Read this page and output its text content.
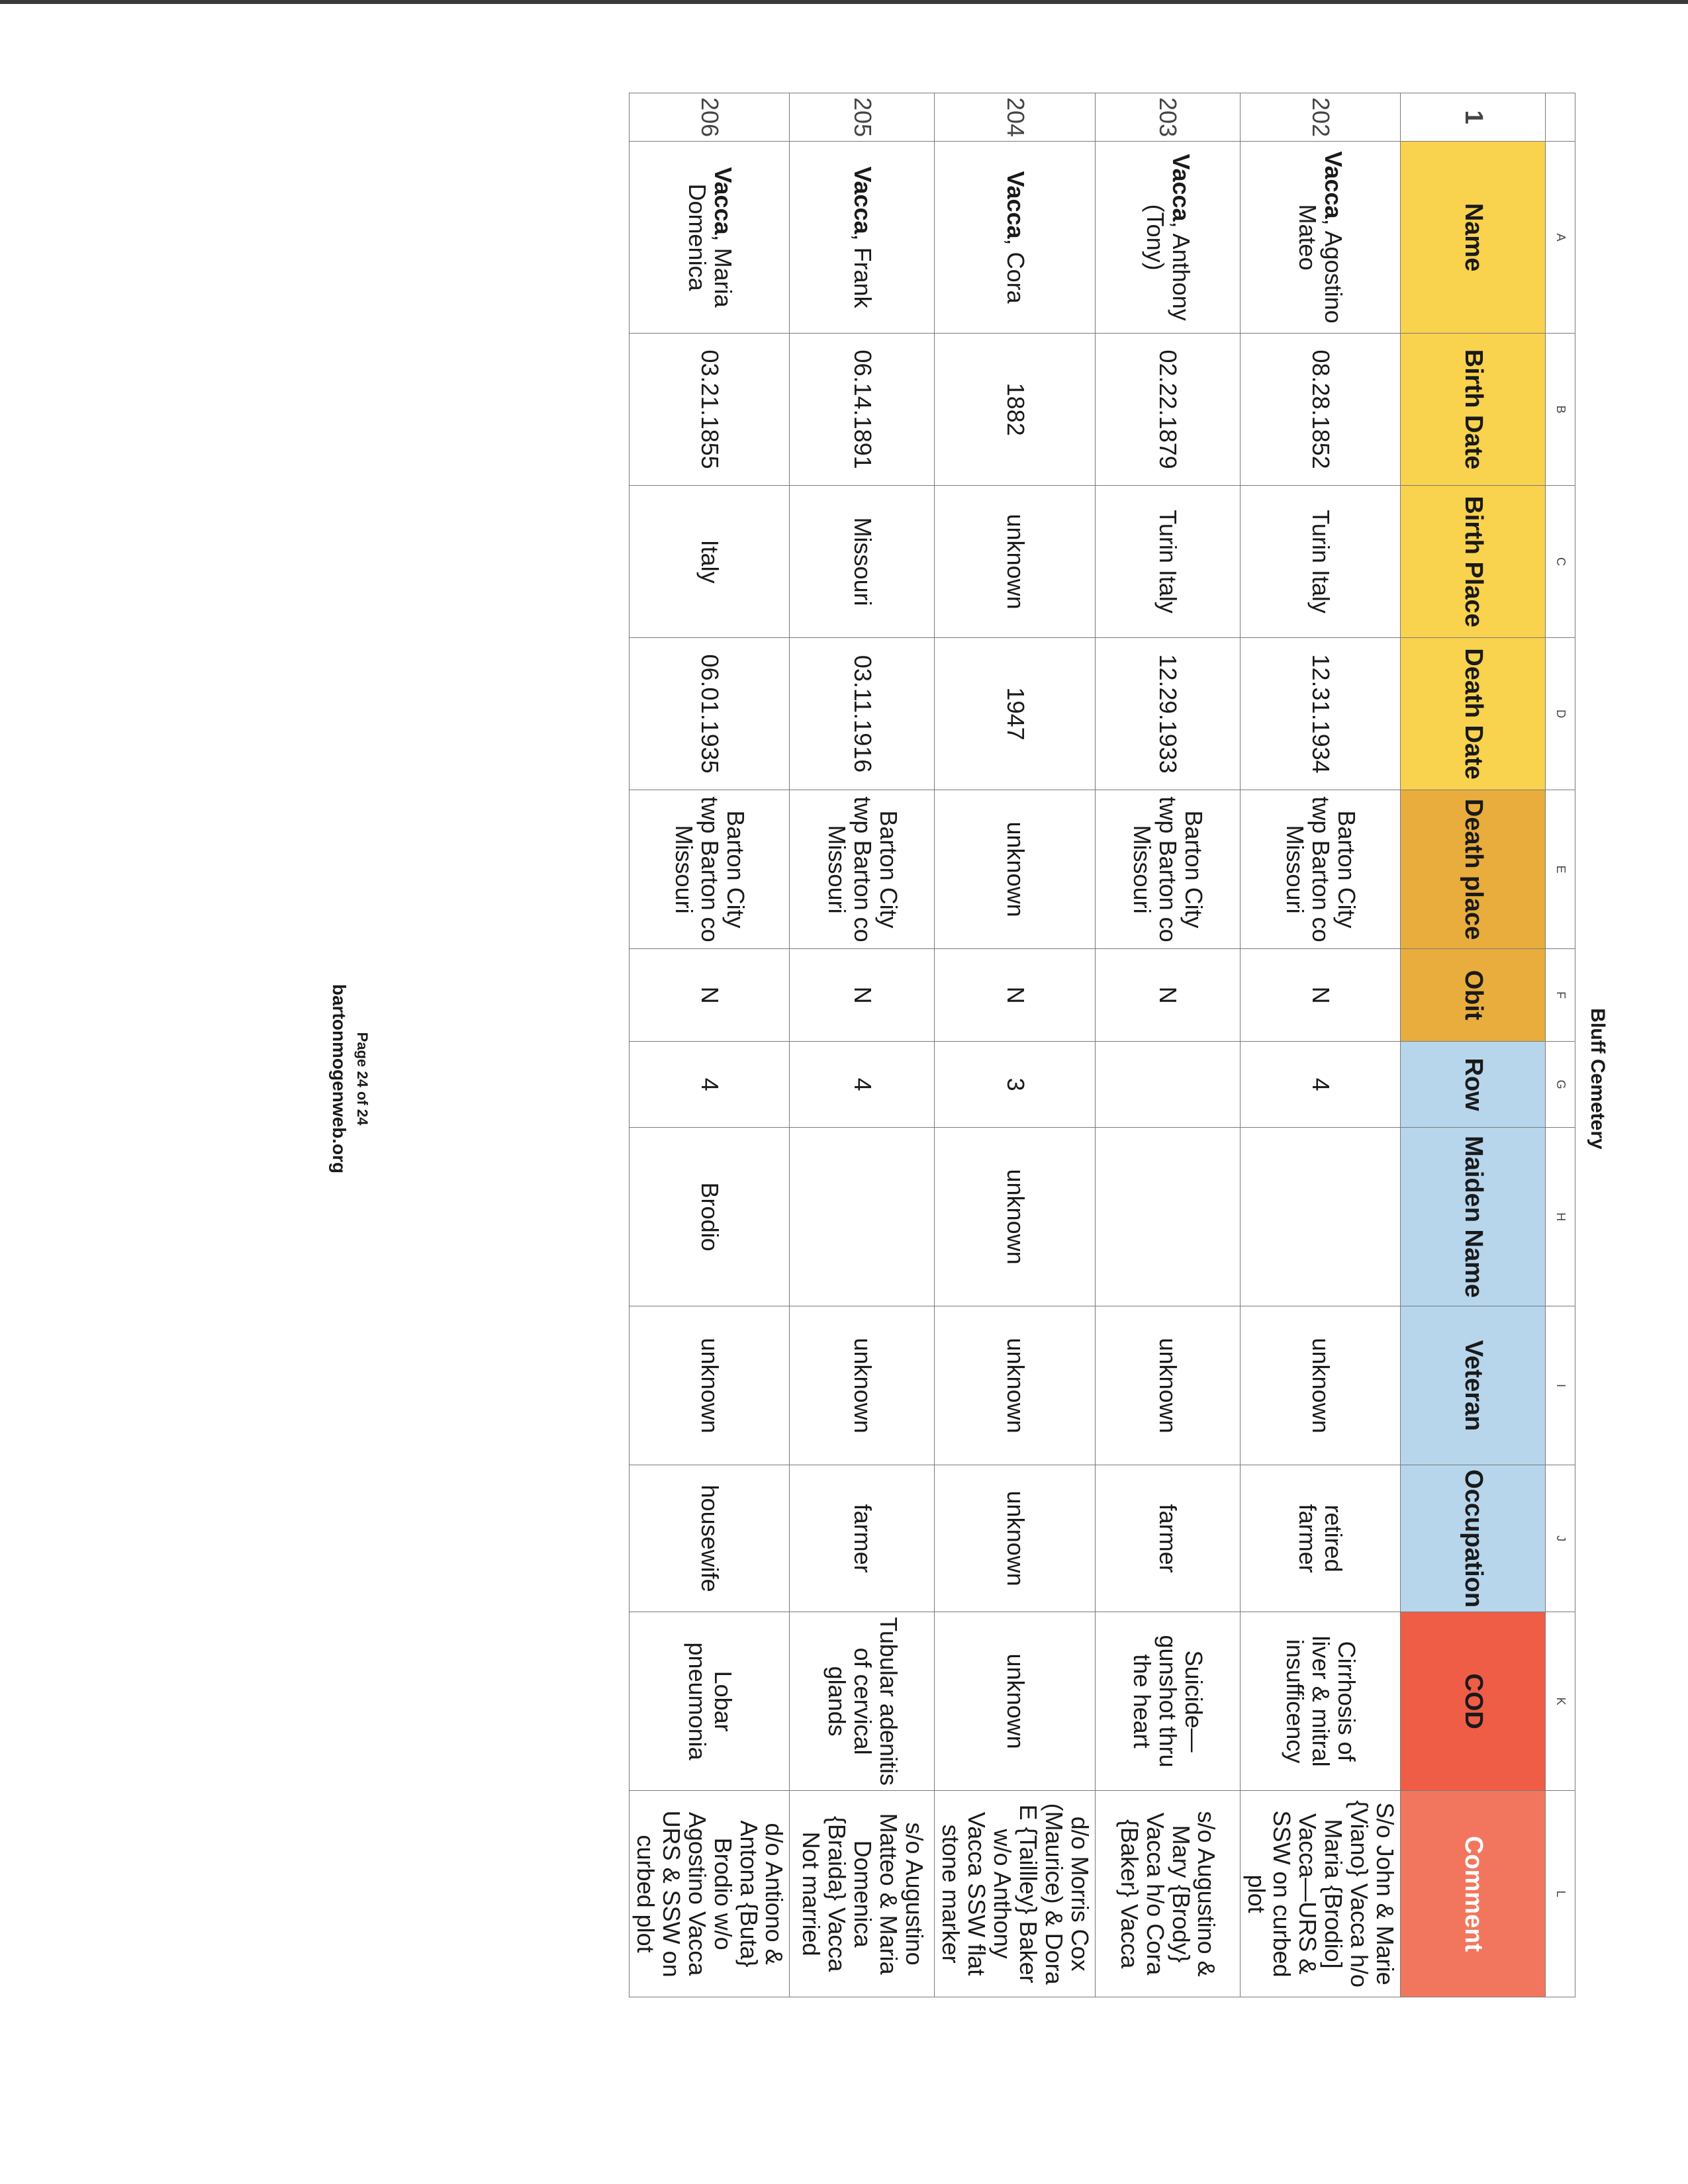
Bluff Cemetery
	A	B	C	D	E	F	G	H	I	J	K	L
1	Name	Birth Date	Birth Place	Death Date	Death place	Obit	Row	Maiden Name	Veteran	Occupation	COD	Comment
202	Vacca, Agostino Mateo	08.28.1852	Turin Italy	12.31.1934	Barton City twp Barton co Missouri	N	4		unknown	retired farmer	Cirrhosis of liver & mitral insufficency	S/o John & Marie {Viano} Vacca h/o Maria {Brodio] Vacca—URS & SSW on curbed plot
203	Vacca, Anthony (Tony)	02.22.1879	Turin Italy	12.29.1933	Barton City twp Barton co Missouri	N			unknown	farmer	Suicide—gunshot thru the heart	s/o Augustino & Mary {Brody} Vacca h/o Cora {Baker} Vacca
204	Vacca, Cora	1882	unknown	1947	unknown	N	3	unknown	unknown	unknown	unknown	d/o Morris Cox (Maurice) & Dora E {Taillley} Baker w/o Anthony Vacca SSW flat stone marker
205	Vacca, Frank	06.14.1891	Missouri	03.11.1916	Barton City twp Barton co Missouri	N	4		unknown	farmer	Tubular adenitis of cervical glands	s/o Augustino Matteo & Maria Domenica {Braida} Vacca Not married
206	Vacca, Maria Domenica	03.21.1855	Italy	06.01.1935	Barton City twp Barton co Missouri	N	4	Brodio	unknown	housewife	Lobar pneumonia	d/o Antiono & Antona {Buta} Brodio w/o Agostino Vacca URS & SSW on curbed plot
Page 24 of 24
bartonmogenweb.org
